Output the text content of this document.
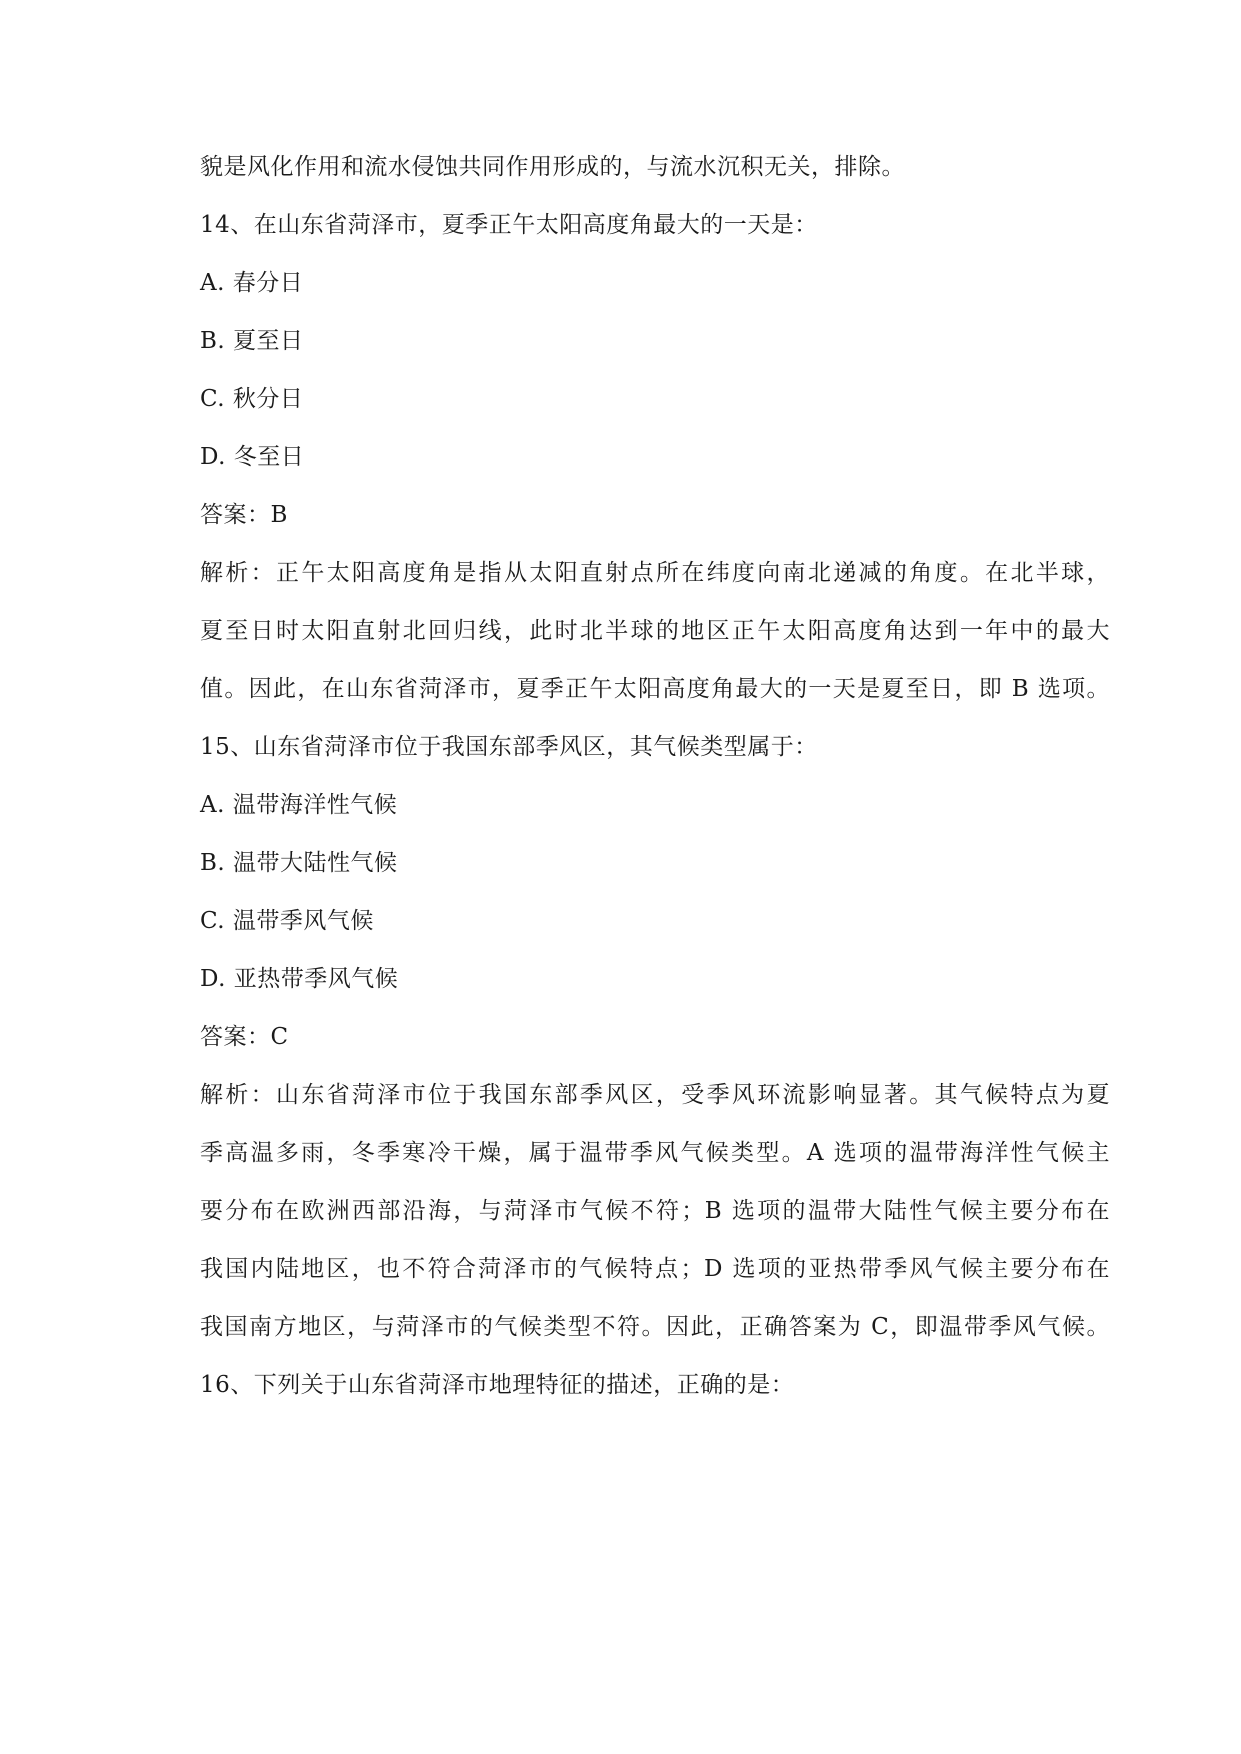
貌是风化作用和流水侵蚀共同作用形成的，与流水沉积无关，排除。
14、在山东省菏泽市，夏季正午太阳高度角最大的一天是：
A. 春分日
B. 夏至日
C. 秋分日
D. 冬至日
答案：B
解析：正午太阳高度角是指从太阳直射点所在纬度向南北递减的角度。在北半球，
夏至日时太阳直射北回归线，此时北半球的地区正午太阳高度角达到一年中的最大
值。因此，在山东省菏泽市，夏季正午太阳高度角最大的一天是夏至日，即 B 选项。
15、山东省菏泽市位于我国东部季风区，其气候类型属于：
A. 温带海洋性气候
B. 温带大陆性气候
C. 温带季风气候
D. 亚热带季风气候
答案：C
解析：山东省菏泽市位于我国东部季风区，受季风环流影响显著。其气候特点为夏
季高温多雨，冬季寒冷干燥，属于温带季风气候类型。A 选项的温带海洋性气候主
要分布在欧洲西部沿海，与菏泽市气候不符；B 选项的温带大陆性气候主要分布在
我国内陆地区，也不符合菏泽市的气候特点；D 选项的亚热带季风气候主要分布在
我国南方地区，与菏泽市的气候类型不符。因此，正确答案为 C，即温带季风气候。
16、下列关于山东省菏泽市地理特征的描述，正确的是：
